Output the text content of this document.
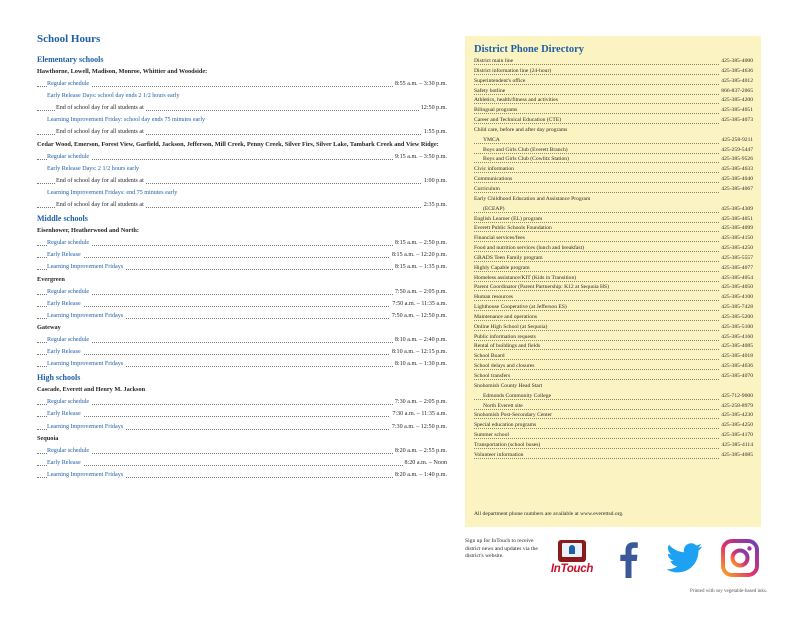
School Hours
Elementary schools
Hawthorne, Lowell, Madison, Monroe, Whittier and Woodside:
Regular schedule	8:55 a.m. – 3:30 p.m.
Early Release Days: school day ends 2 1/2 hours early
End of school day for all students at	12:50 p.m.
Learning Improvement Friday: school day ends 75 minutes early
End of school day for all students at	1:55 p.m.
Cedar Wood, Emerson, Forest View, Garfield, Jackson, Jefferson, Mill Creek, Penny Creek, Silver Firs, Silver Lake, Tambark Creek and View Ridge:
Regular schedule	9:15 a.m. – 3:50 p.m.
Early Release Days: 2 1/2 hours early
End of school day for all students at	1:00 p.m.
Learning Improvement Fridays: end 75 minutes early
End of school day for all students at	2:35 p.m.
Middle schools
Eisenhower, Heatherwood and North:
Regular schedule	8:15 a.m. – 2:50 p.m.
Early Release	8:15 a.m. – 12:20 p.m.
Learning Improvement Fridays	8:15 a.m. – 1:35 p.m.
Evergreen
Regular schedule	7:50 a.m. – 2:05 p.m.
Early Release	7:50 a.m. – 11:35 a.m.
Learning Improvement Fridays	7:50 a.m. – 12:50 p.m.
Gateway
Regular schedule	8:10 a.m. – 2:40 p.m.
Early Release	8:10 a.m. – 12:15 p.m.
Learning Improvement Fridays	8:10 a.m. – 1:30 p.m.
High schools
Cascade, Everett and Henry M. Jackson
Regular schedule	7:30 a.m. – 2:05 p.m.
Early Release	7:30 a.m. – 11:35 a.m.
Learning Improvement Fridays	7:30 a.m. – 12:50 p.m.
Sequoia
Regular schedule	8:20 a.m. – 2:55 p.m.
Early Release	8:20 a.m. – Noon
Learning Improvement Fridays	8:20 a.m. – 1:40 p.m.
District Phone Directory
District main line	425-385-4000
District information line (24-hour)	425-385-4636
Superintendent's office	425-385-4012
Safety hotline	866-837-2065
Athletics, health/fitness and activities	425-385-4200
Bilingual programs	425-385-4051
Career and Technical Education (CTE)	425-385-4073
Child care, before and after day programs
YMCA	425-258-9211
Boys and Girls Club (Everett Branch)	425-259-5447
Boys and Girls Club (Cowlitz Station)	425-385-9526
Civic information	425-385-4633
Communications	425-385-4040
Curriculum	425-385-4067
Early Childhood Education and Assistance Program
(ECEAP)	425-385-4309
English Learner (EL) program	425-385-4051
Everett Public Schools Foundation	425-385-4099
Financial services/fees	425-385-4150
Food and nutrition services (lunch and breakfast)	425-385-4250
GRADS Teen Family program	425-385-5557
Highly Capable program	425-385-4077
Homeless assistance/KIT (Kids in Transition)	425-385-4054
Parent Coordinator (Parent Partnership: K12 at Sequoia HS)	425-385-4050
Human resources	425-385-4100
Lighthouse Cooperative (at Jefferson ES)	425-385-7428
Maintenance and operations	425-385-5200
Online High School (at Sequoia)	425-385-5100
Public information requests	425-385-4160
Rental of buildings and fields	425-385-4085
School Board	425-385-4018
School delays and closures	425-385-4636
School transfers	425-385-4070
Snohomish County Head Start
Edmonds Community College	425-712-9000
North Everett site	425-258-8979
Snohomish Post-Secondary Center	425-385-4230
Special education programs	425-385-4250
Summer school	425-385-4170
Transportation (school buses)	425-385-4114
Volunteer information	425-385-4085
All department phone numbers are available at www.everettsd.org.
Sign up for InTouch to receive district news and updates via the district's website.
InTouch
Printed with soy vegetable-based inks.
